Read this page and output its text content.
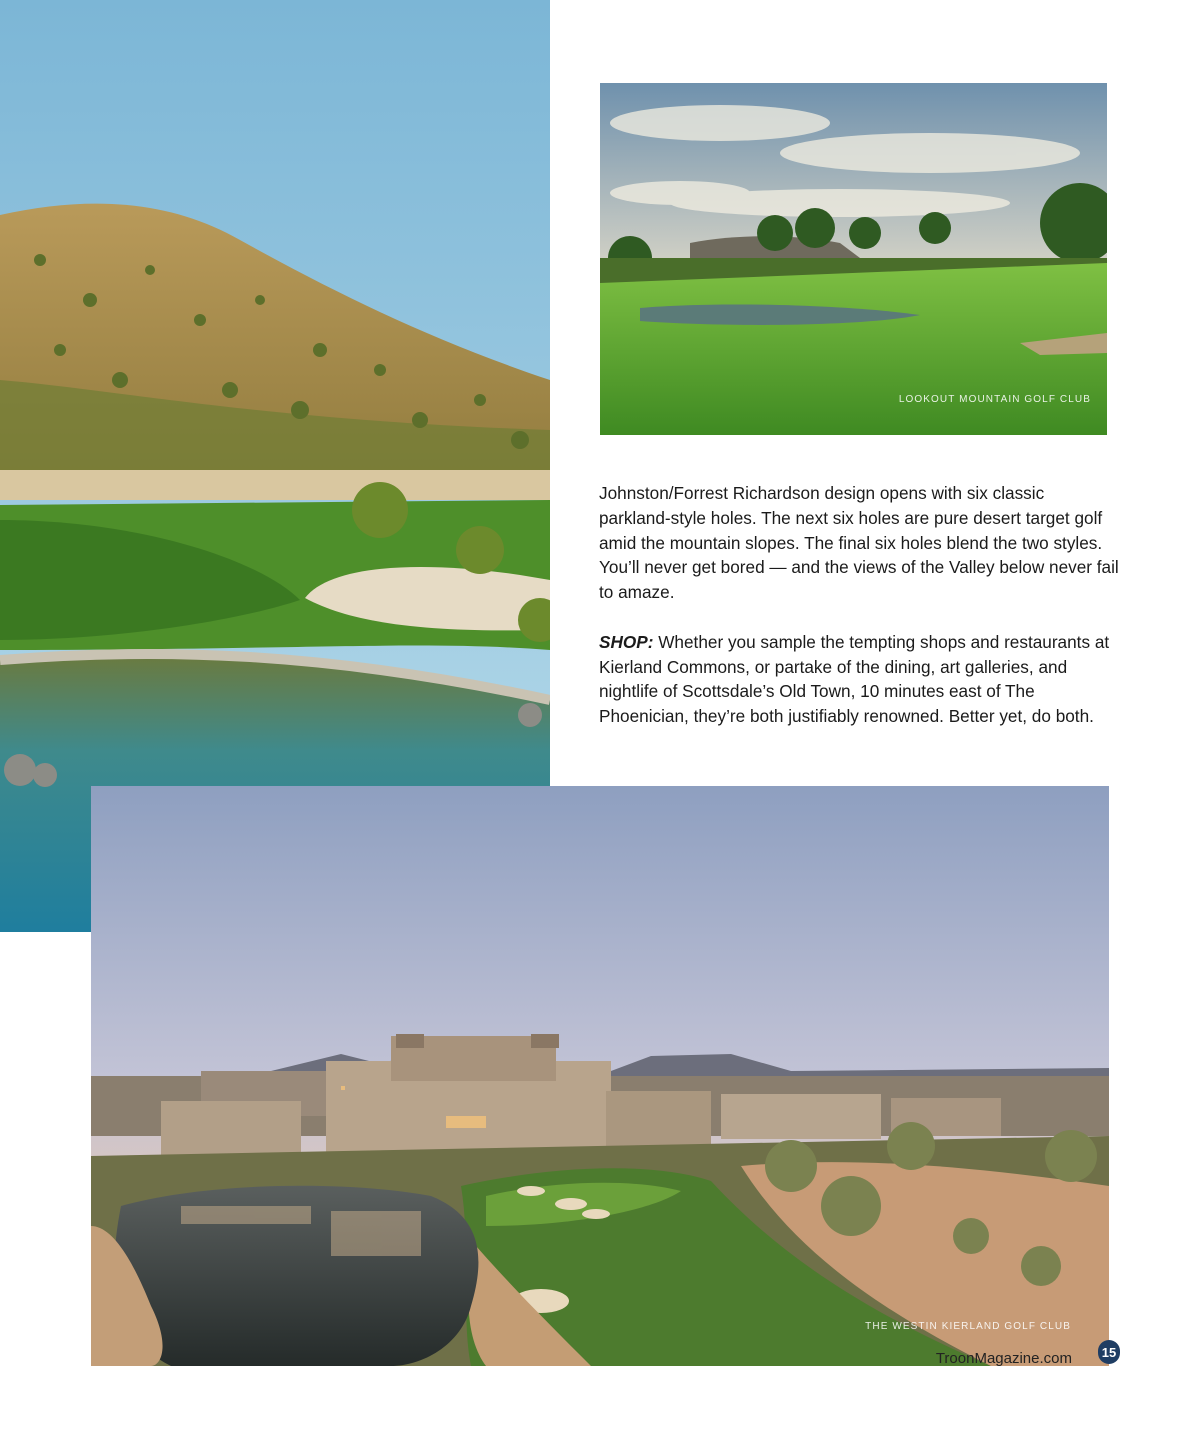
LOOKOUT MOUNTAIN GOLF CLUB

Johnston/Forrest Richardson design opens with six classic parkland-style holes. The next six holes are pure desert target golf amid the mountain slopes. The final six holes blend the two styles. You’ll never get bored — and the views of the Valley below never fail to amaze.

SHOP: Whether you sample the tempting shops and restaurants at Kierland Commons, or partake of the dining, art galleries, and nightlife of Scottsdale’s Old Town, 10 minutes east of The Phoenician, they’re both justifiably renowned. Better yet, do both.

THE WESTIN KIERLAND GOLF CLUB
TroonMagazine.com 15
